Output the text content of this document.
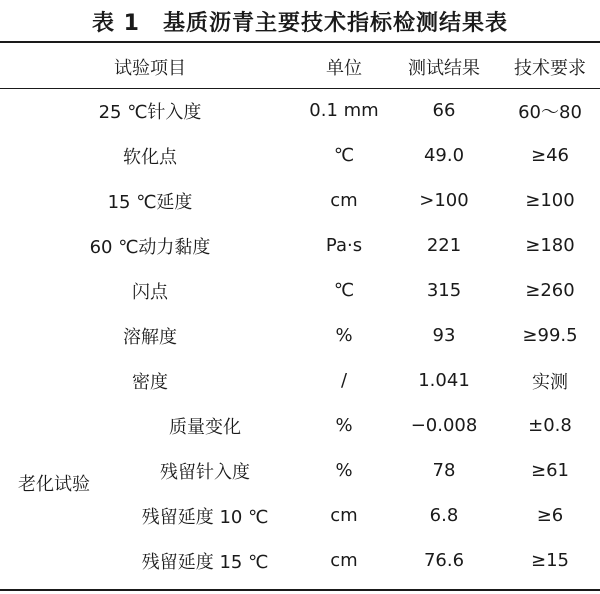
表 1　基质沥青主要技术指标检测结果表
试验项目	单位	测试结果	技术要求
25 ℃针入度	0.1 mm	66	60～80
软化点	℃	49.0	≥46
15 ℃延度	cm	>100	≥100
60 ℃动力黏度	Pa·s	221	≥180
闪点	℃	315	≥260
溶解度	%	93	≥99.5
密度	/	1.041	实测

老化试验
质量变化	%	−0.008	±0.8
残留针入度	%	78	≥61
残留延度 10 ℃	cm	6.8	≥6
残留延度 15 ℃	cm	76.6	≥15
